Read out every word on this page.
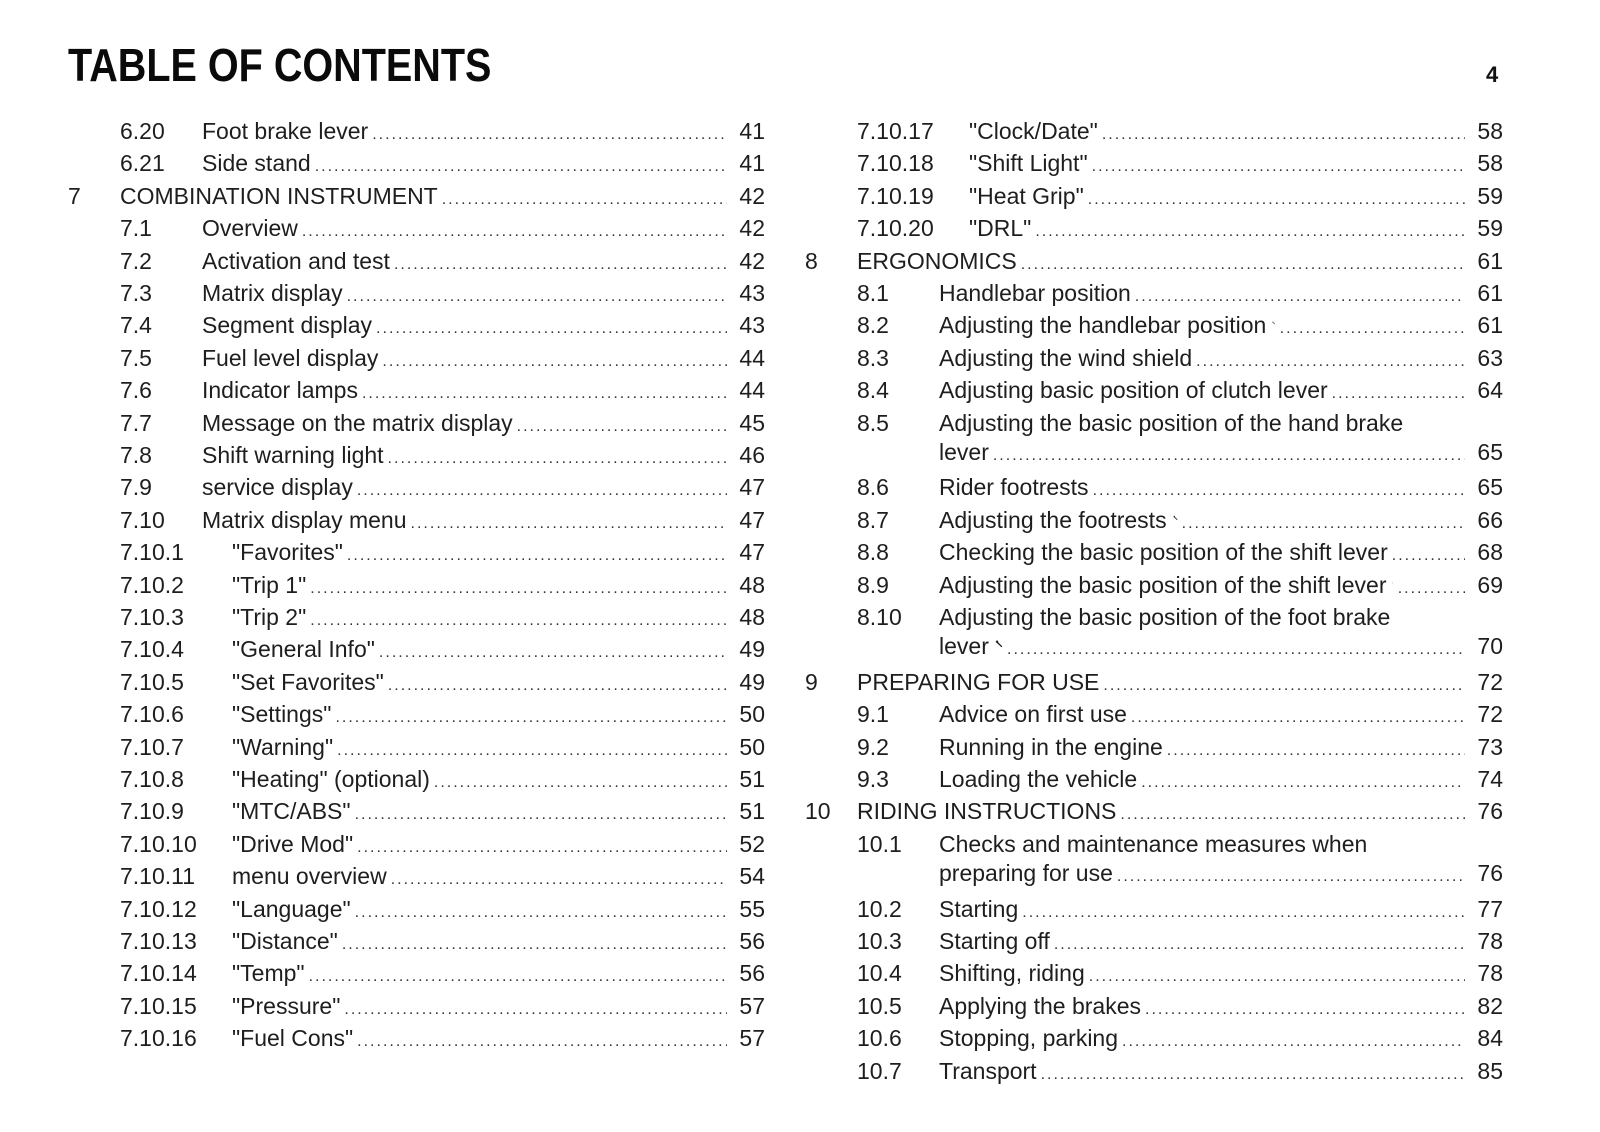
TABLE OF CONTENTS	4
6.20 Foot brake lever .....	41
6.21 Side stand .....	41
7 COMBINATION INSTRUMENT .....	42
7.1 Overview .....	42
7.2 Activation and test .....	42
7.3 Matrix display .....	43
7.4 Segment display .....	43
7.5 Fuel level display .....	44
7.6 Indicator lamps .....	44
7.7 Message on the matrix display .....	45
7.8 Shift warning light .....	46
7.9 service display .....	47
7.10 Matrix display menu .....	47
7.10.1 "Favorites" .....	47
7.10.2 "Trip 1" .....	48
7.10.3 "Trip 2" .....	48
7.10.4 "General Info" .....	49
7.10.5 "Set Favorites" .....	49
7.10.6 "Settings" .....	50
7.10.7 "Warning" .....	50
7.10.8 "Heating" (optional) .....	51
7.10.9 "MTC/ABS" .....	51
7.10.10 "Drive Mod" .....	52
7.10.11 menu overview .....	54
7.10.12 "Language" .....	55
7.10.13 "Distance" .....	56
7.10.14 "Temp" .....	56
7.10.15 "Pressure" .....	57
7.10.16 "Fuel Cons" .....	57
7.10.17 "Clock/Date" .....	58
7.10.18 "Shift Light" .....	58
7.10.19 "Heat Grip" .....	59
7.10.20 "DRL" .....	59
8 ERGONOMICS .....	61
8.1 Handlebar position .....	61
8.2 Adjusting the handlebar position .....	61
8.3 Adjusting the wind shield .....	63
8.4 Adjusting basic position of clutch lever .....	64
8.5 Adjusting the basic position of the hand brake
lever .....	65
8.6 Rider footrests .....	65
8.7 Adjusting the footrests .....	66
8.8 Checking the basic position of the shift lever .....	68
8.9 Adjusting the basic position of the shift lever .....	69
8.10 Adjusting the basic position of the foot brake
lever .....	70
9 PREPARING FOR USE .....	72
9.1 Advice on first use .....	72
9.2 Running in the engine .....	73
9.3 Loading the vehicle .....	74
10 RIDING INSTRUCTIONS .....	76
10.1 Checks and maintenance measures when
preparing for use .....	76
10.2 Starting .....	77
10.3 Starting off .....	78
10.4 Shifting, riding .....	78
10.5 Applying the brakes .....	82
10.6 Stopping, parking .....	84
10.7 Transport .....	85
